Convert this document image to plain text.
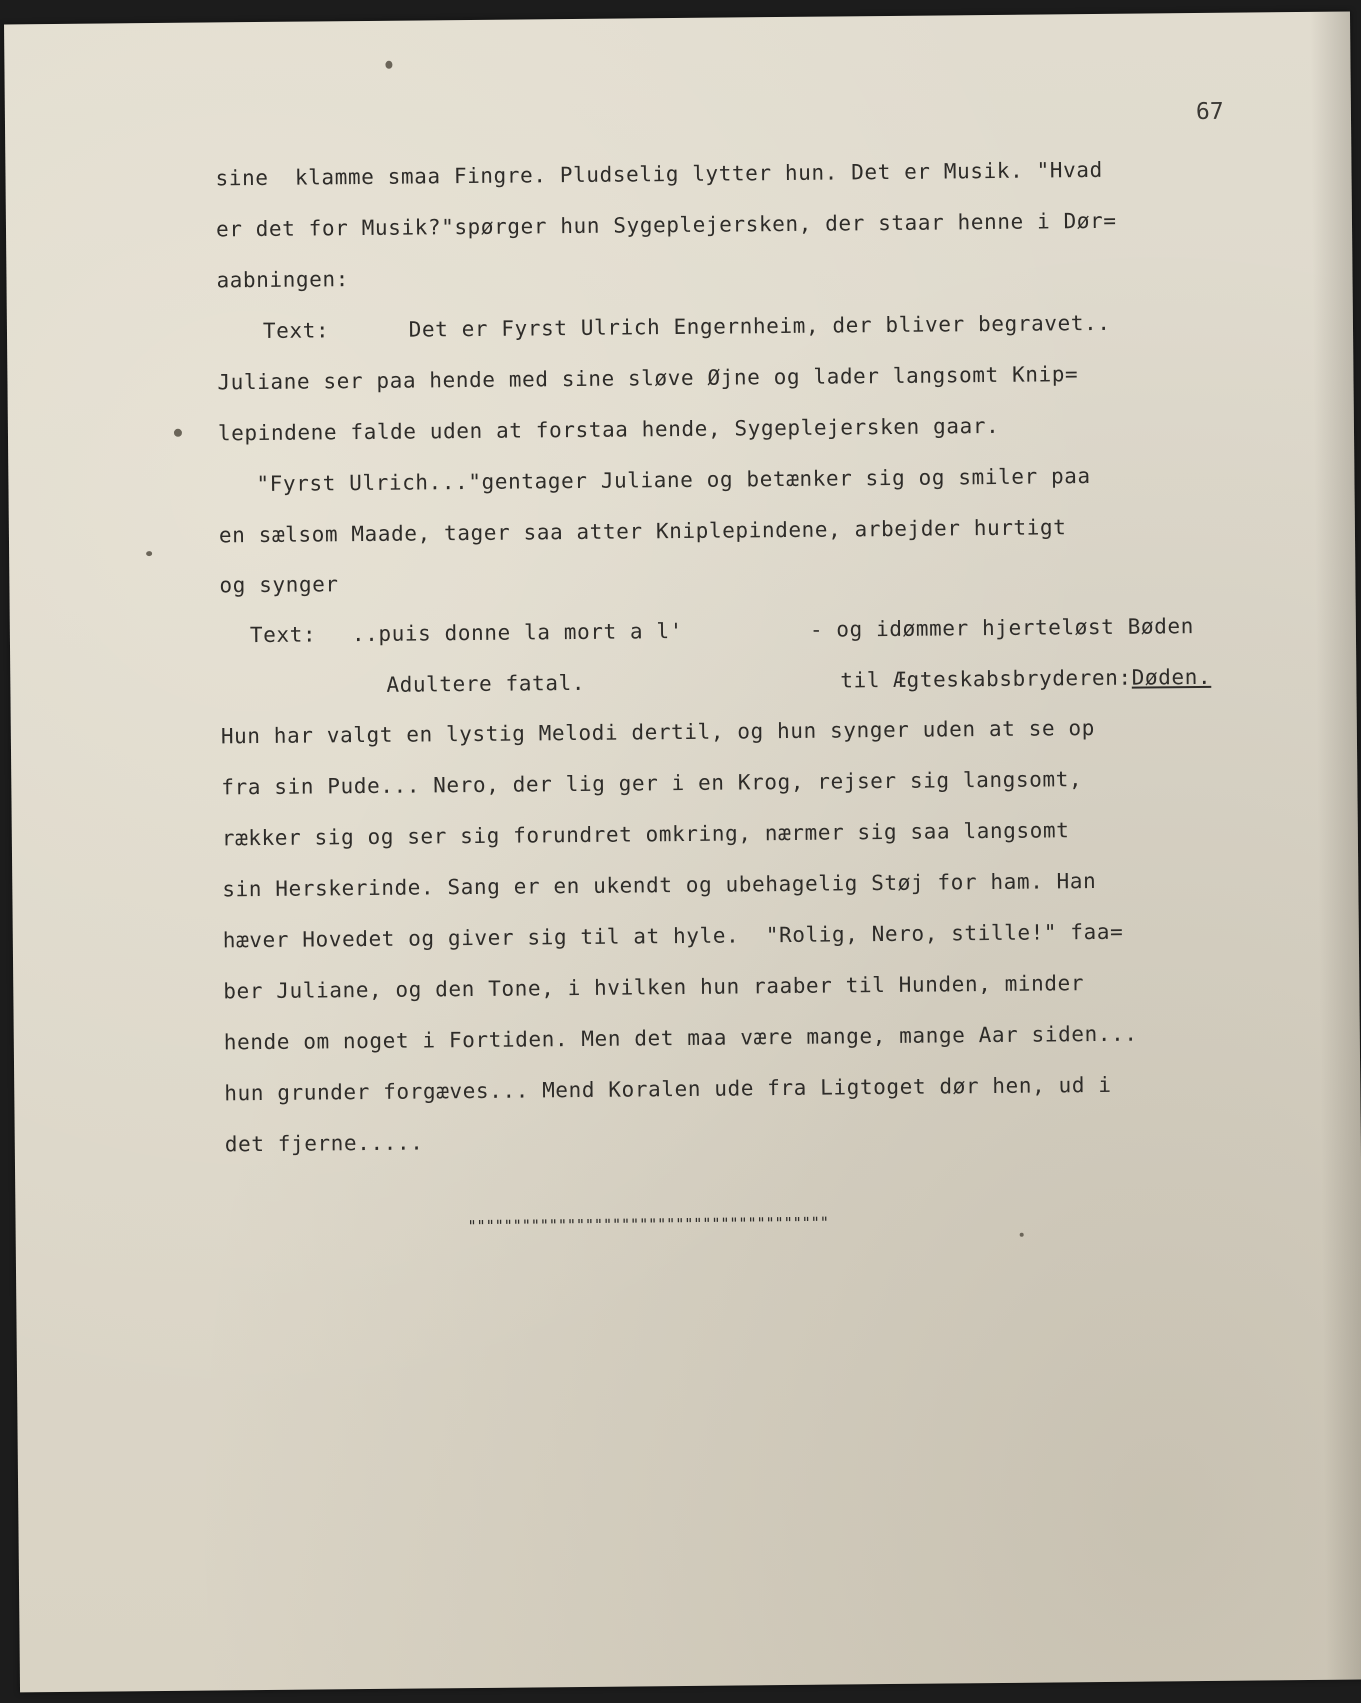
67

sine  klamme smaa Fingre. Pludselig lytter hun. Det er Musik. "Hvad

er det for Musik?"spørger hun Sygeplejersken, der staar henne i Dør=

aabningen:

Text:      Det er Fyrst Ulrich Engernheim, der bliver begravet..

Juliane ser paa hende med sine sløve Øjne og lader langsomt Knip=

lepindene falde uden at forstaa hende, Sygeplejersken gaar.

"Fyrst Ulrich..."gentager Juliane og betænker sig og smiler paa

en sælsom Maade, tager saa atter Kniplepindene, arbejder hurtigt

og synger

Text: ..puis donne la mort a l'	- og idømmer hjerteløst Bøden

Adultere fatal.	til Ægteskabsbryderen:Døden.

Hun har valgt en lystig Melodi dertil, og hun synger uden at se op

fra sin Pude... Nero, der lig ger i en Krog, rejser sig langsomt,

rækker sig og ser sig forundret omkring, nærmer sig saa langsomt

sin Herskerinde. Sang er en ukendt og ubehagelig Støj for ham. Han

hæver Hovedet og giver sig til at hyle.  "Rolig, Nero, stille!" faa=

ber Juliane, og den Tone, i hvilken hun raaber til Hunden, minder

hende om noget i Fortiden. Men det maa være mange, mange Aar siden...

hun grunder forgæves... Mend Koralen ude fra Ligtoget dør hen, ud i

det fjerne.....

""""""""""""""""""""""""""""""""""""""""
